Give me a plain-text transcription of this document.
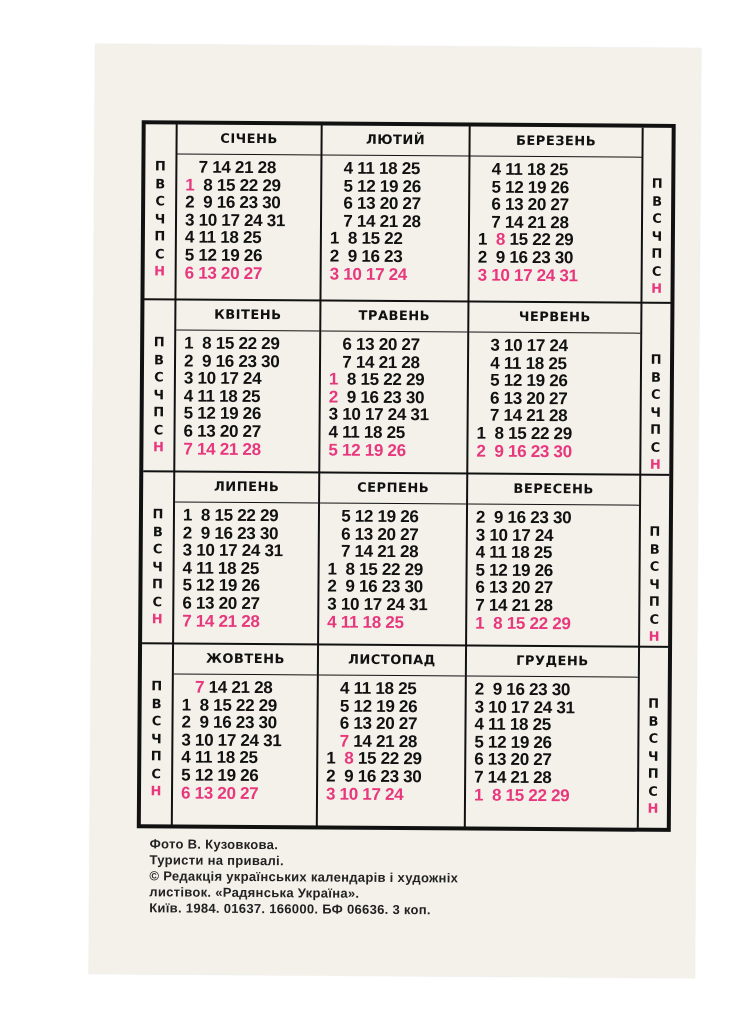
П
В
С
Ч
П
С
Н
П
В
С
Ч
П
С
Н
СІЧЕНЬ
7 14 21 28
1 8 15 22 29
2  9 16 23 30
3 10 17 24 31
4 11 18 25
5 12 19 26
6 13 20 27
ЛЮТИЙ
4 11 18 25
5 12 19 26
6 13 20 27
7 14 21 28
1  8 15 22
2  9 16 23
3 10 17 24
БЕРЕЗЕНЬ
4 11 18 25
5 12 19 26
6 13 20 27
7 14 21 28
1 8 15 22 29
2  9 16 23 30
3 10 17 24 31
П
В
С
Ч
П
С
Н
П
В
С
Ч
П
С
Н
КВІТЕНЬ
1  8 15 22 29
2  9 16 23 30
3 10 17 24
4 11 18 25
5 12 19 26
6 13 20 27
7 14 21 28
ТРАВЕНЬ
6 13 20 27
7 14 21 28
1 8 15 22 29
2 9 16 23 30
3 10 17 24 31
4 11 18 25
5 12 19 26
ЧЕРВЕНЬ
3 10 17 24
4 11 18 25
5 12 19 26
6 13 20 27
7 14 21 28
1  8 15 22 29
2  9 16 23 30
П
В
С
Ч
П
С
Н
П
В
С
Ч
П
С
Н
ЛИПЕНЬ
1  8 15 22 29
2  9 16 23 30
3 10 17 24 31
4 11 18 25
5 12 19 26
6 13 20 27
7 14 21 28
СЕРПЕНЬ
5 12 19 26
6 13 20 27
7 14 21 28
1  8 15 22 29
2  9 16 23 30
3 10 17 24 31
4 11 18 25
ВЕРЕСЕНЬ
2  9 16 23 30
3 10 17 24
4 11 18 25
5 12 19 26
6 13 20 27
7 14 21 28
1  8 15 22 29
П
В
С
Ч
П
С
Н
П
В
С
Ч
П
С
Н
ЖОВТЕНЬ
7 14 21 28
1  8 15 22 29
2  9 16 23 30
3 10 17 24 31
4 11 18 25
5 12 19 26
6 13 20 27
ЛИСТОПАД
4 11 18 25
5 12 19 26
6 13 20 27
7 14 21 28
1 8 15 22 29
2  9 16 23 30
3 10 17 24
ГРУДЕНЬ
2  9 16 23 30
3 10 17 24 31
4 11 18 25
5 12 19 26
6 13 20 27
7 14 21 28
1  8 15 22 29
Фото В. Кузовкова.
Туристи на привалі.
© Редакція українських календарів і художніх
листівок. «Радянська Україна».
Київ. 1984. 01637. 166000. БФ 06636. 3 коп.
